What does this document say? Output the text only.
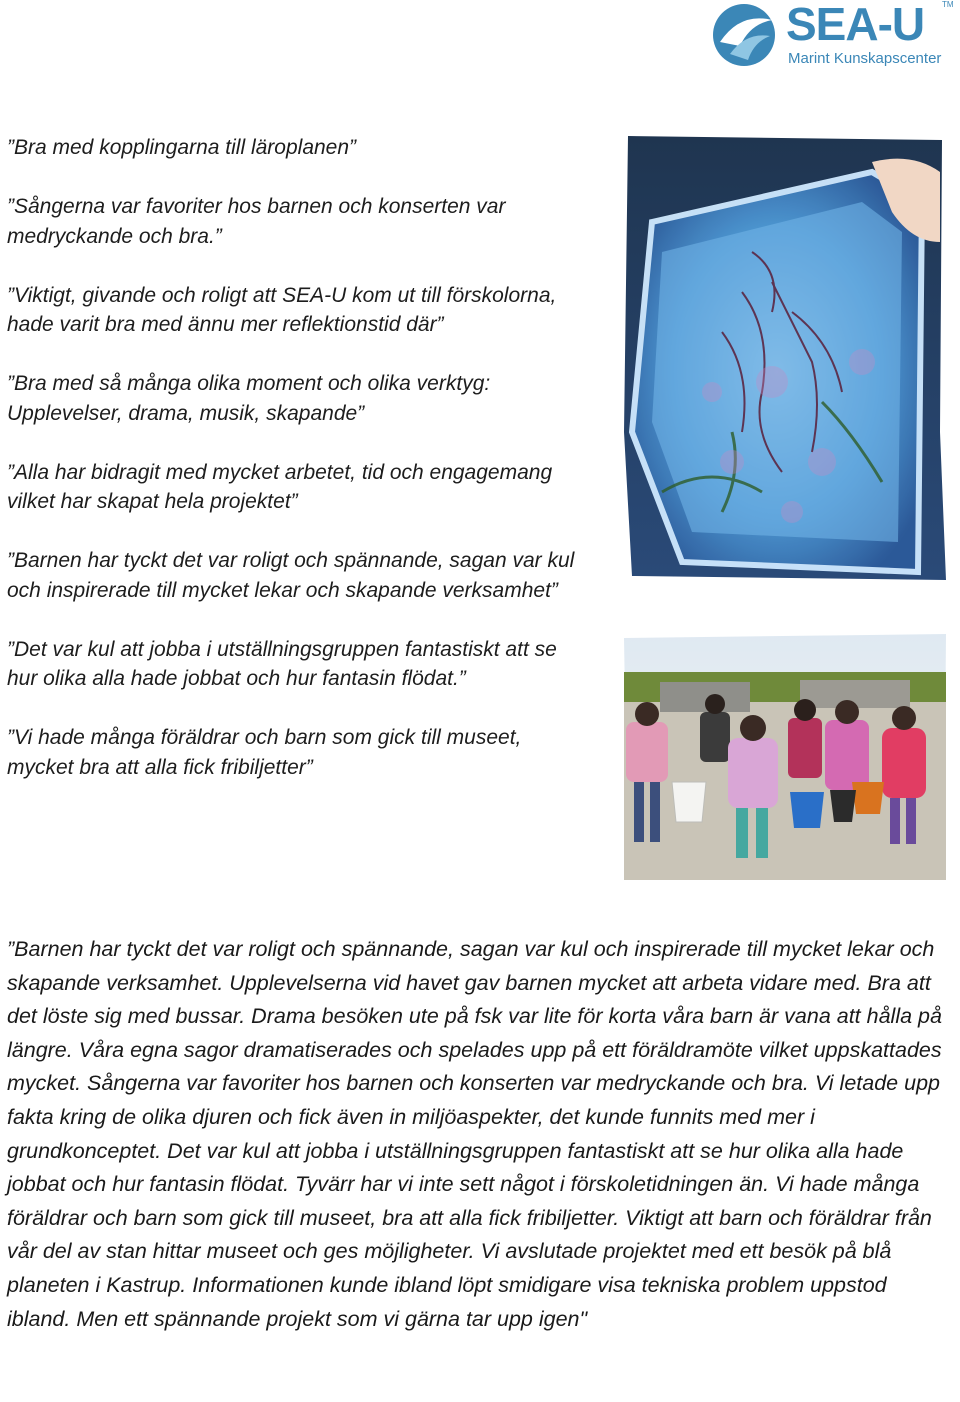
SEA-U TM
Marint Kunskapscenter

”Bra med kopplingarna till läroplanen”

”Sångerna var favoriter hos barnen och konserten var medryckande och bra.”

”Viktigt, givande och roligt att SEA-U kom ut till förskolorna, hade varit bra med ännu mer reflektionstid där”

”Bra med så många olika moment och olika verktyg: Upplevelser, drama, musik, skapande”

”Alla har bidragit med mycket arbetet, tid och engagemang vilket har skapat hela projektet”

”Barnen har tyckt det var roligt och spännande, sagan var kul och inspirerade till mycket lekar och skapande verksamhet”

”Det var kul att jobba i utställningsgruppen fantastiskt att se hur olika alla hade jobbat och hur fantasin flödat.”

”Vi hade många föräldrar och barn som gick till museet, mycket bra att alla fick fribiljetter”

”Barnen har tyckt det var roligt och spännande, sagan var kul och inspirerade till mycket lekar och skapande verksamhet. Upplevelserna vid havet gav barnen mycket att arbeta vidare med. Bra att det löste sig med bussar. Drama besöken ute på fsk var lite för korta våra barn är vana att hålla på längre. Våra egna sagor dramatiserades och spelades upp på ett föräldramöte vilket uppskattades mycket. Sångerna var favoriter hos barnen och konserten var medryckande och bra. Vi letade upp fakta kring de olika djuren och fick även in miljöaspekter, det kunde funnits med mer i grundkonceptet. Det var kul att jobba i utställningsgruppen fantastiskt att se hur olika alla hade jobbat och hur fantasin flödat. Tyvärr har vi inte sett något i förskoletidningen än. Vi hade många föräldrar och barn som gick till museet, bra att alla fick fribiljetter. Viktigt att barn och föräldrar från vår del av stan hittar museet och ges möjligheter. Vi avslutade projektet med ett besök på blå planeten i Kastrup. Informationen kunde ibland löpt smidigare visa tekniska problem uppstod ibland. Men ett spännande projekt som vi gärna tar upp igen"
